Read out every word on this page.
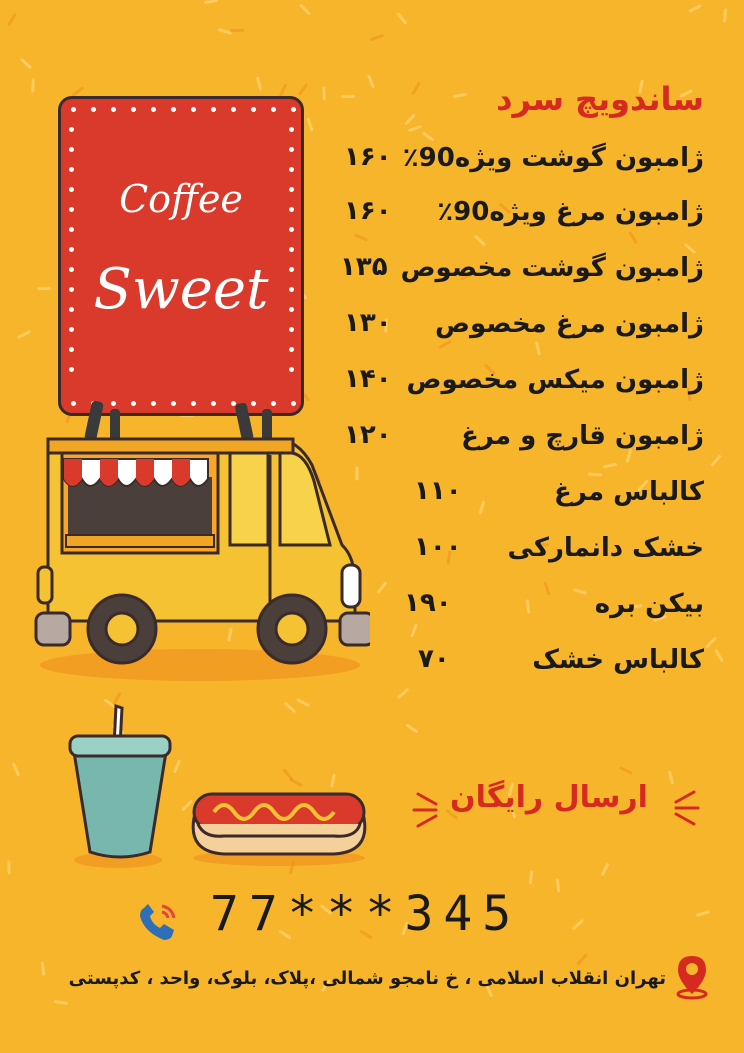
Coffee
Sweet
ساندویچ سرد
ژامبون گوشت ویژه90٪
۱۶۰
ژامبون مرغ ویژه90٪
۱۶۰
ژامبون گوشت مخصوص
۱۳۵
ژامبون مرغ مخصوص
۱۳۰
ژامبون میکس مخصوص
۱۴۰
ژامبون قارچ و مرغ
۱۲۰
کالباس مرغ
۱۱۰
خشک دانمارکی
۱۰۰
بیکن بره
۱۹۰
کالباس خشک
۷۰
ارسال رایگان
77***345
تهران انقلاب اسلامی ، خ نامجو شمالی ،پلاک، بلوک، واحد ، کدپستی
